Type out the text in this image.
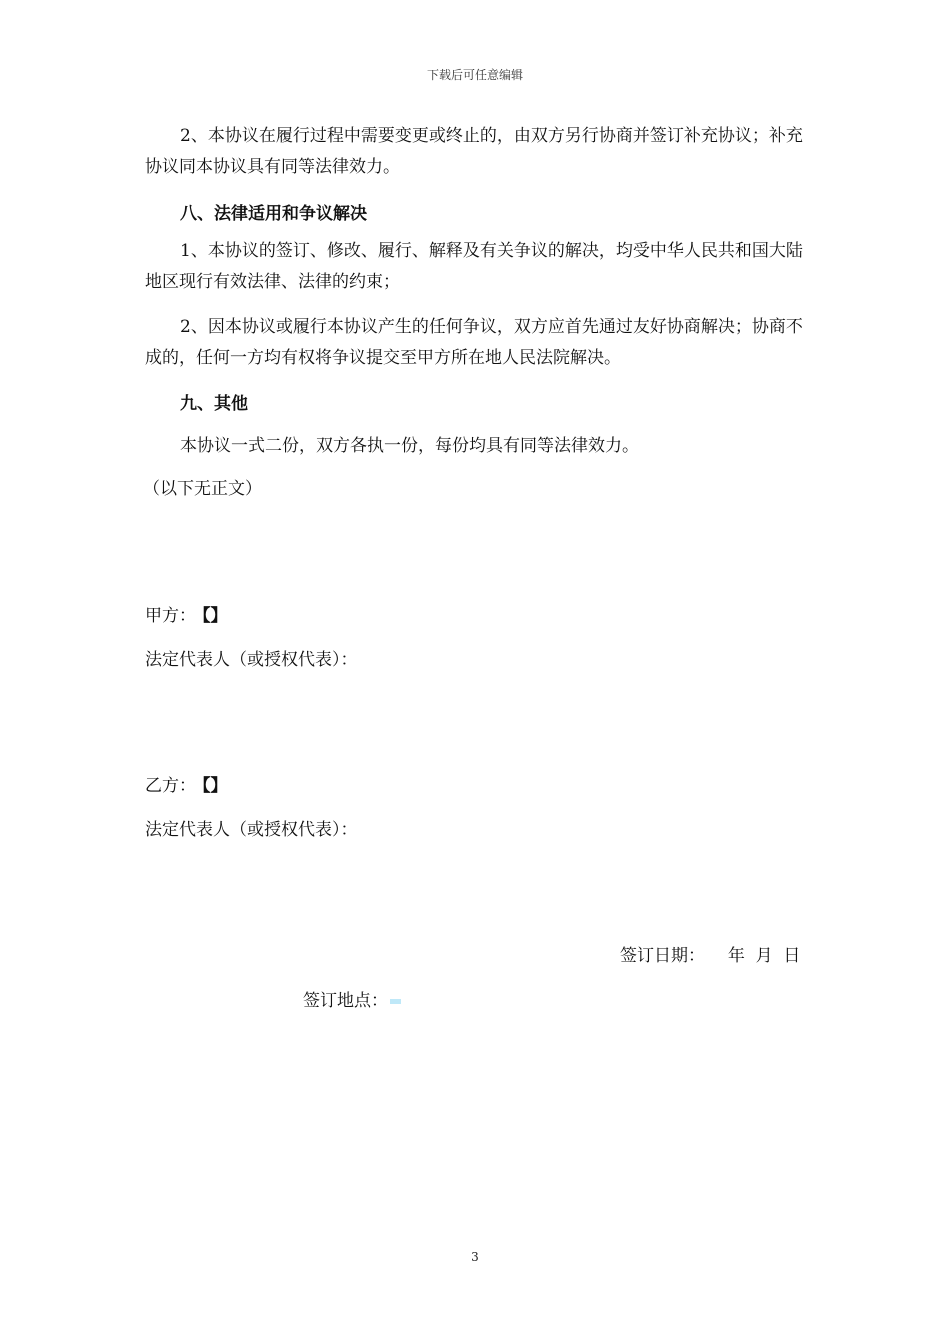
下载后可任意编辑

2、本协议在履行过程中需要变更或终止的，由双方另行协商并签订补充协议；补充协议同本协议具有同等法律效力。

八、法律适用和争议解决

1、本协议的签订、修改、履行、解释及有关争议的解决，均受中华人民共和国大陆地区现行有效法律、法律的约束；

2、因本协议或履行本协议产生的任何争议，双方应首先通过友好协商解决；协商不成的，任何一方均有权将争议提交至甲方所在地人民法院解决。

九、其他

本协议一式二份，双方各执一份，每份均具有同等法律效力。

（以下无正文）

甲方： 【】

法定代表人（或授权代表）：

乙方： 【】

法定代表人（或授权代表）：

签订日期： 年  月  日

签订地点：

3
